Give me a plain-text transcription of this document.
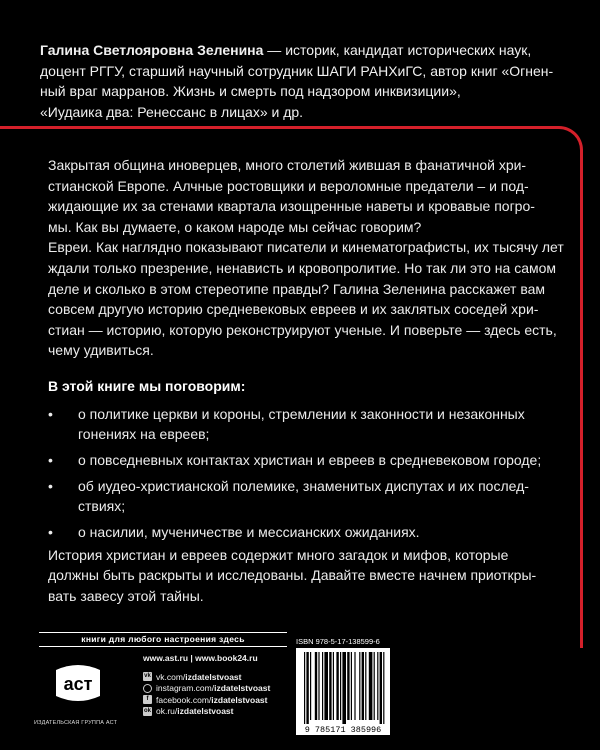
Галина Светлояровна Зеленина — историк, кандидат исторических наук,
доцент РГГУ, старший научный сотрудник ШАГИ РАНХиГС, автор книг «Огнен-
ный враг марранов. Жизнь и смерть под надзором инквизиции»,
«Иудаика два: Ренессанс в лицах» и др.
Закрытая община иноверцев, много столетий жившая в фанатичной хри-
стианской Европе. Алчные ростовщики и вероломные предатели – и под-
жидающие их за стенами квартала изощренные наветы и кровавые погро-
мы. Как вы думаете, о каком народе мы сейчас говорим?
Евреи. Как наглядно показывают писатели и кинематографисты, их тысячу лет
ждали только презрение, ненависть и кровопролитие. Но так ли это на самом
деле и сколько в этом стереотипе правды? Галина Зеленина расскажет вам
совсем другую историю средневековых евреев и их заклятых соседей хри-
стиан — историю, которую реконструируют ученые. И поверьте — здесь есть,
чему удивиться.
В этой книге мы поговорим:
• о политике церкви и короны, стремлении к законности и незаконных
гонениях на евреев;
• о повседневных контактах христиан и евреев в средневековом городе;
• об иудео-христианской полемике, знаменитых диспутах и их послед-
ствиях;
• о насилии, мученичестве и мессианских ожиданиях.
История христиан и евреев содержит много загадок и мифов, которые
должны быть раскрыты и исследованы. Давайте вместе начнем приоткры-
вать завесу этой тайны.
книги для любого настроения здесь
аст
ИЗДАТЕЛЬСКАЯ ГРУППА АСТ
www.ast.ru | www.book24.ru
vk vk.com/ izdatelstvoast
instagram.com/ izdatelstvoast
f facebook.com/ izdatelstvoast
ok ok.ru/ izdatelstvoast
ISBN 978-5-17-138599-6
9 785171 385996
